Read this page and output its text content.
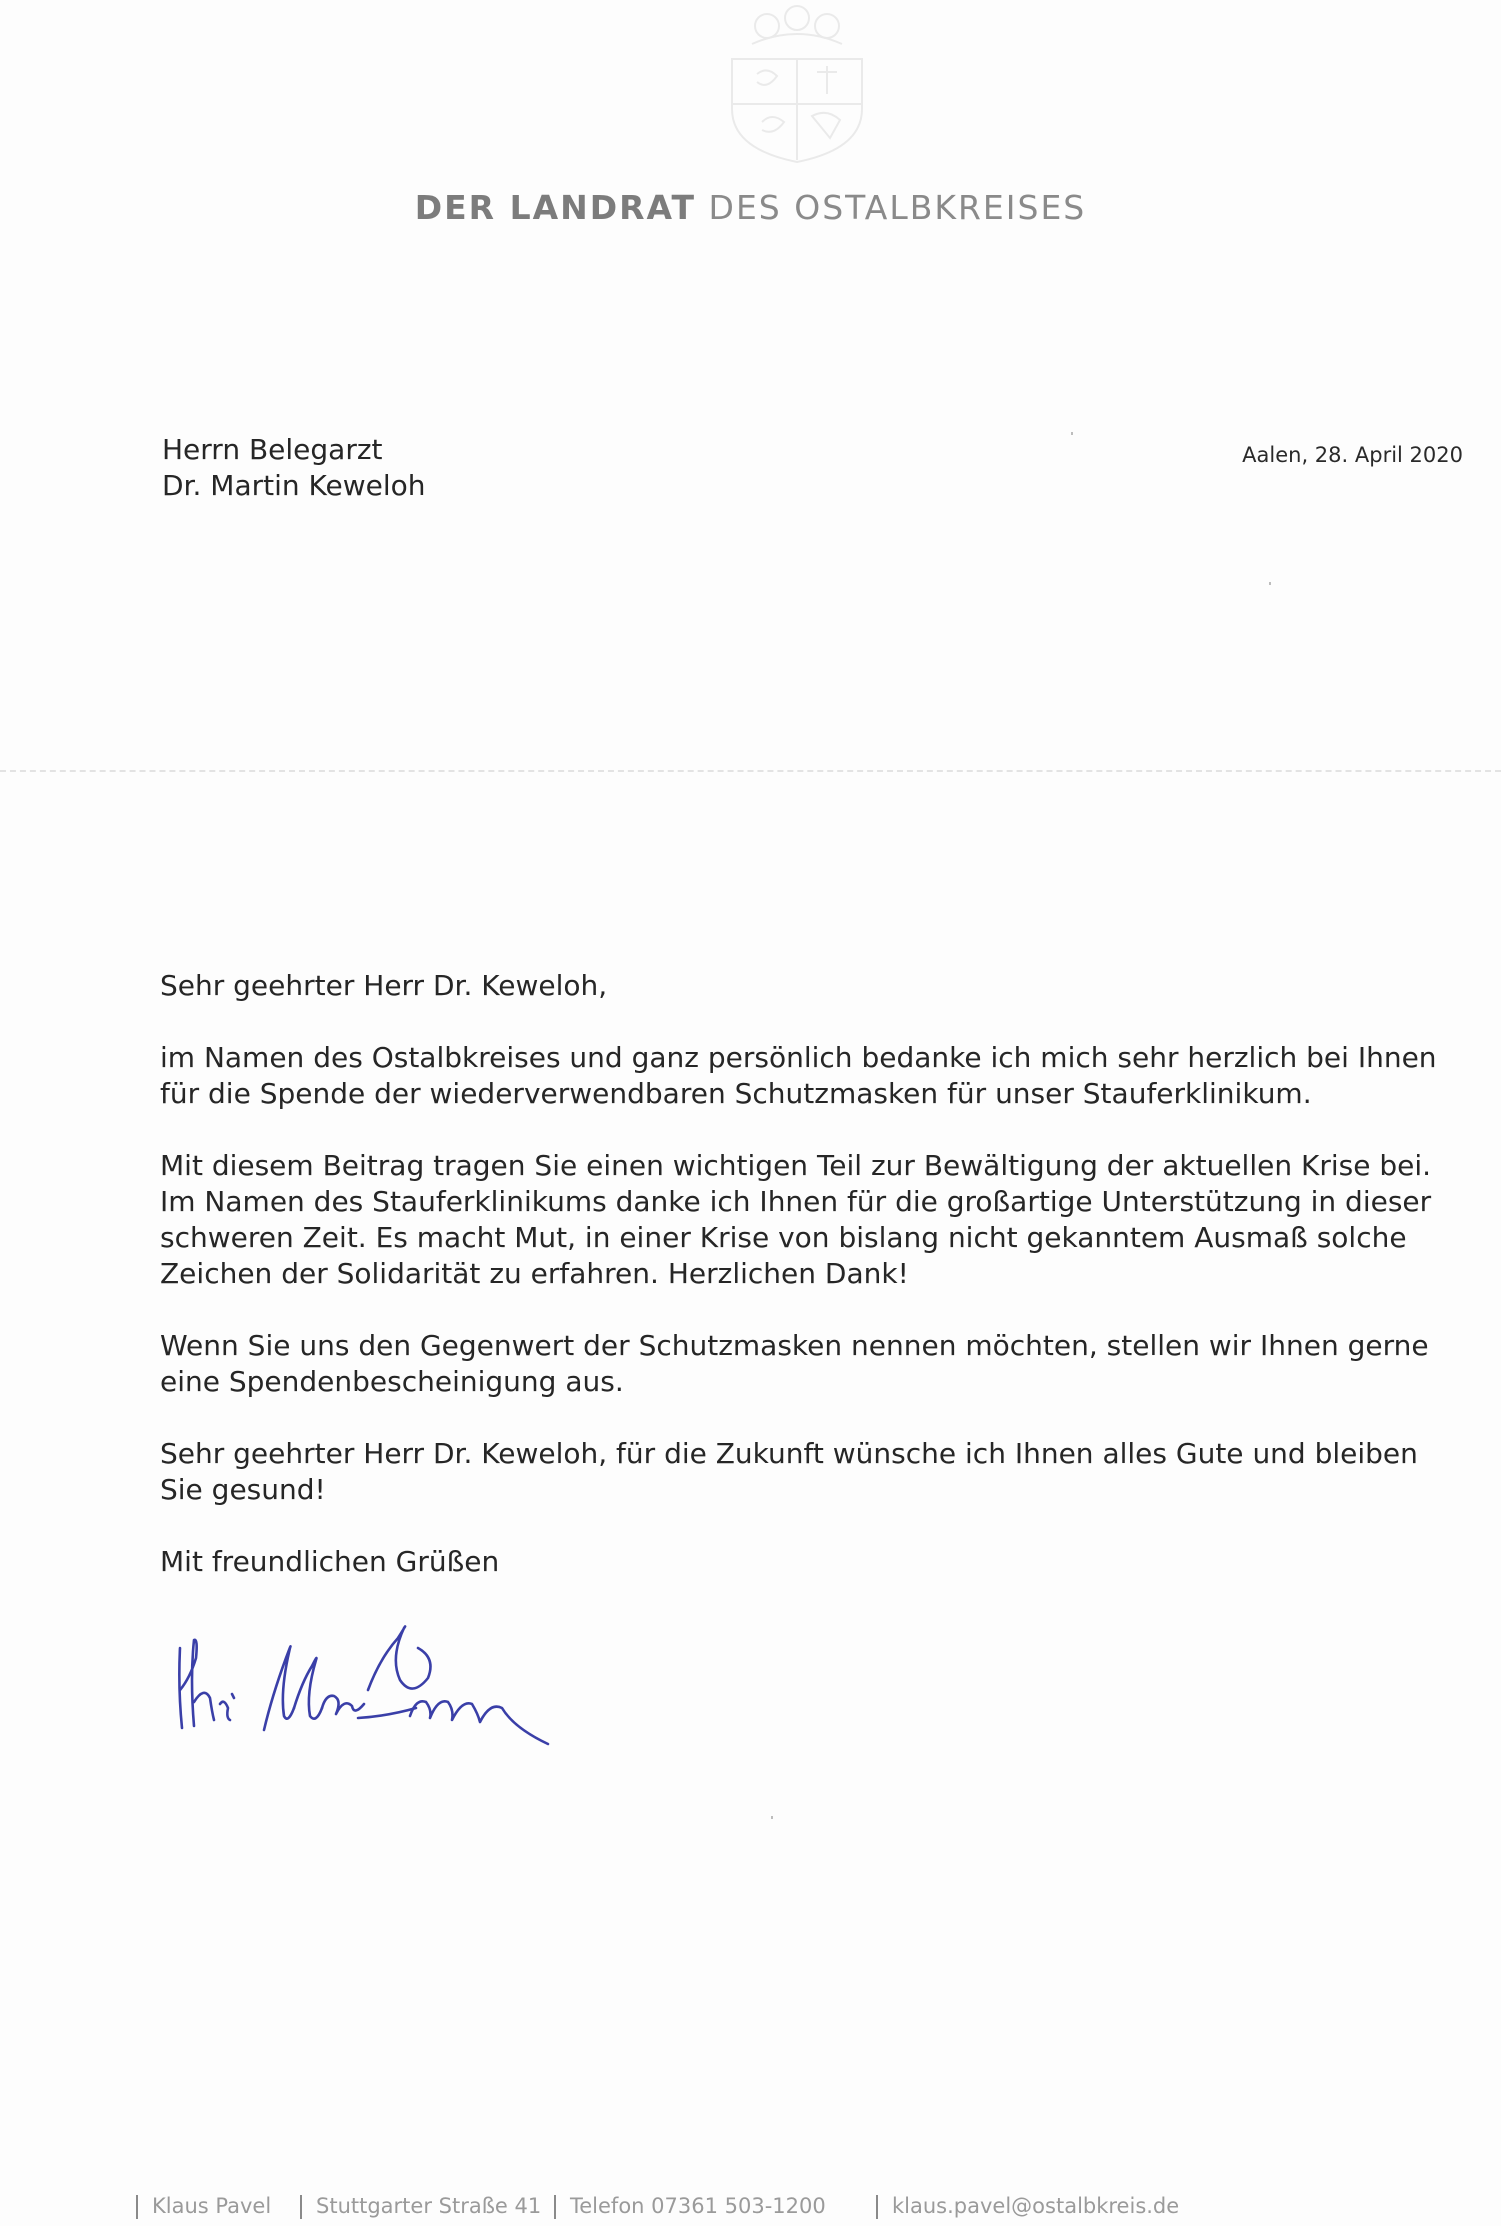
DER LANDRAT DES OSTALBKREISES
Herrn Belegarzt
Dr. Martin Keweloh
Aalen, 28. April 2020

Sehr geehrter Herr Dr. Keweloh,

im Namen des Ostalbkreises und ganz persönlich bedanke ich mich sehr herzlich bei Ihnen
für die Spende der wiederverwendbaren Schutzmasken für unser Stauferklinikum.

Mit diesem Beitrag tragen Sie einen wichtigen Teil zur Bewältigung der aktuellen Krise bei.
Im Namen des Stauferklinikums danke ich Ihnen für die großartige Unterstützung in dieser
schweren Zeit. Es macht Mut, in einer Krise von bislang nicht gekanntem Ausmaß solche
Zeichen der Solidarität zu erfahren. Herzlichen Dank!

Wenn Sie uns den Gegenwert der Schutzmasken nennen möchten, stellen wir Ihnen gerne
eine Spendenbescheinigung aus.

Sehr geehrter Herr Dr. Keweloh, für die Zukunft wünsche ich Ihnen alles Gute und bleiben
Sie gesund!

Mit freundlichen Grüßen

Klaus Pavel	Stuttgarter Straße 41	Telefon 07361 503-1200	klaus.pavel@ostalbkreis.de
